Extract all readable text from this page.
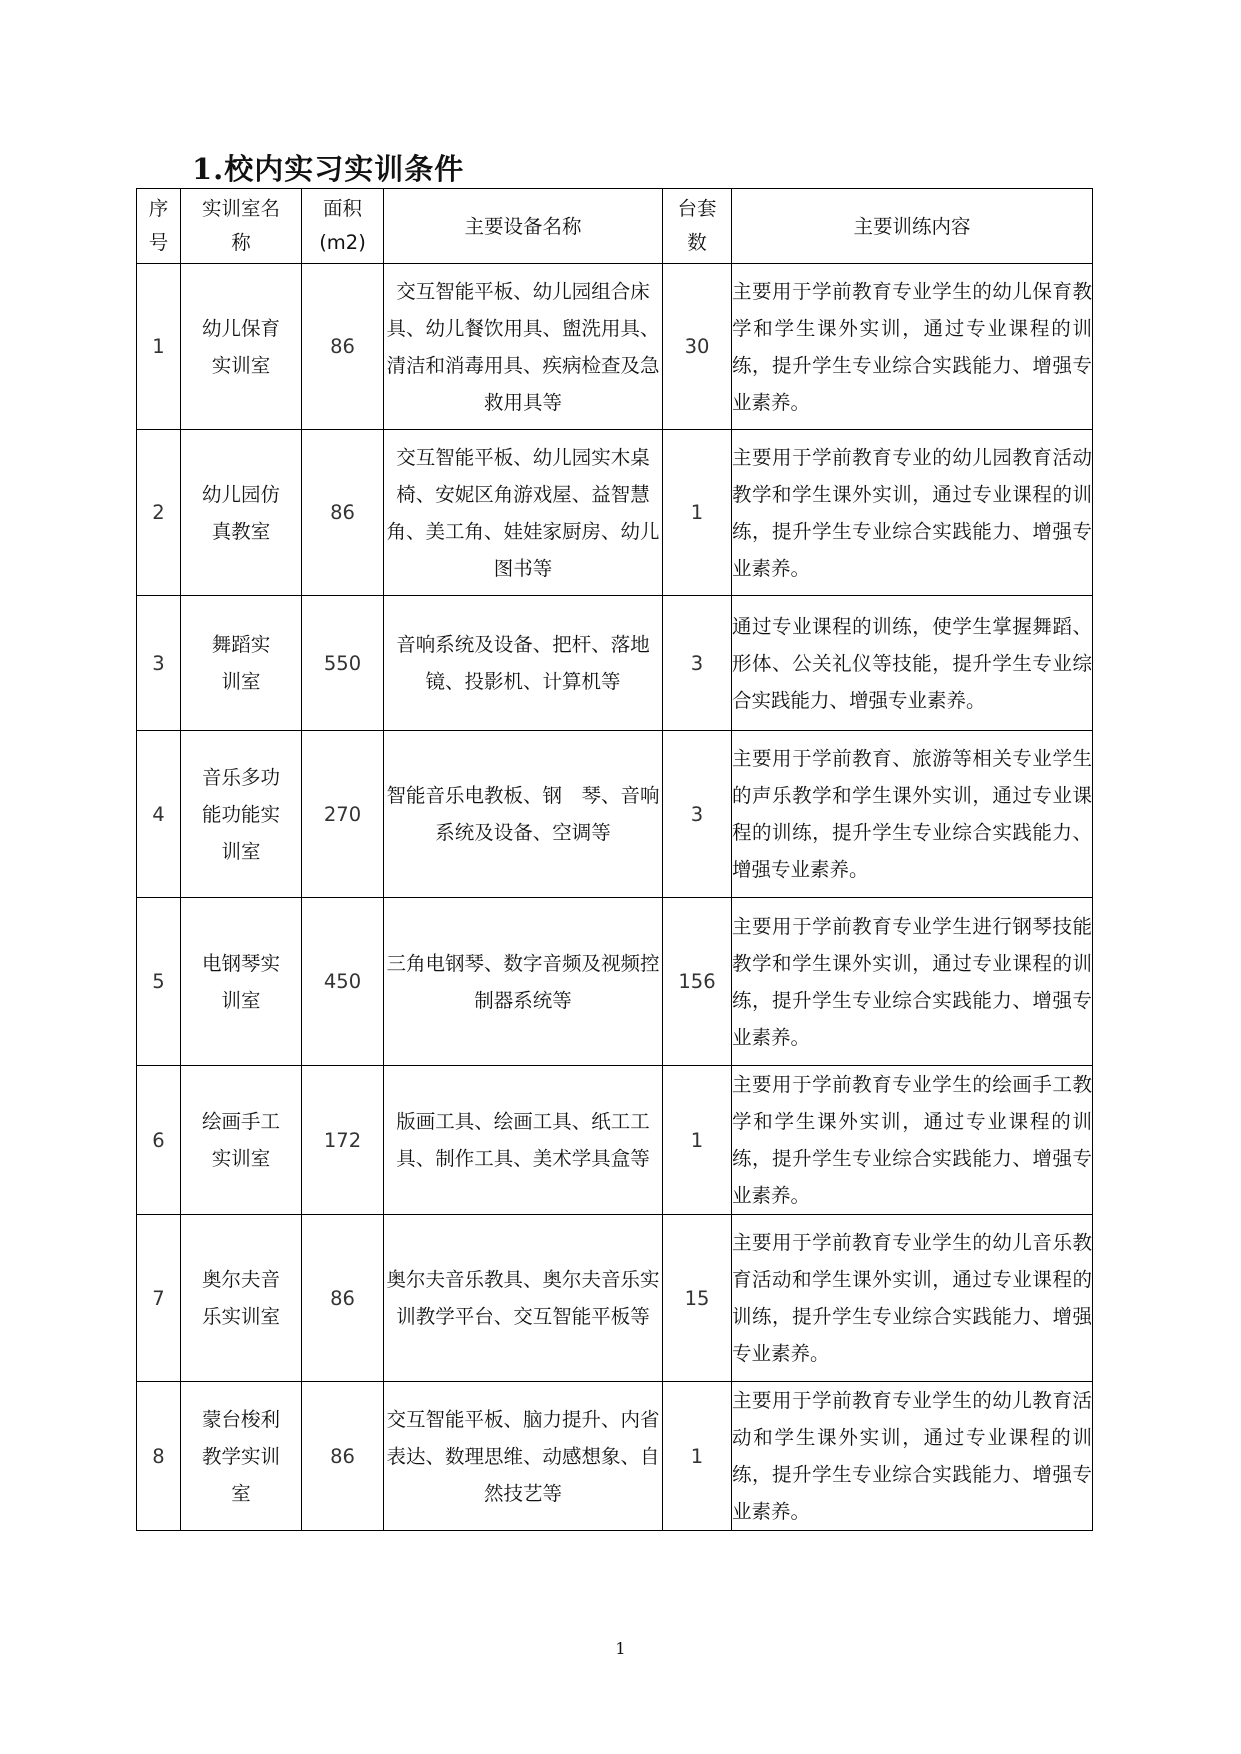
1.校内实习实训条件
序号	实训室名称	面积(m2)	主要设备名称	台套数	主要训练内容
1	幼儿保育实训室	86	交互智能平板、幼儿园组合床具、幼儿餐饮用具、盥洗用具、清洁和消毒用具、疾病检查及急救用具等	30	主要用于学前教育专业学生的幼儿保育教学和学生课外实训，通过专业课程的训练，提升学生专业综合实践能力、增强专业素养。
2	幼儿园仿真教室	86	交互智能平板、幼儿园实木桌椅、安妮区角游戏屋、益智慧角、美工角、娃娃家厨房、幼儿图书等	1	主要用于学前教育专业的幼儿园教育活动教学和学生课外实训，通过专业课程的训练，提升学生专业综合实践能力、增强专业素养。
3	舞蹈实训室	550	音响系统及设备、把杆、落地镜、投影机、计算机等	3	通过专业课程的训练，使学生掌握舞蹈、形体、公关礼仪等技能，提升学生专业综合实践能力、增强专业素养。
4	音乐多功能功能实训室	270	智能音乐电教板、钢　琴、音响系统及设备、空调等	3	主要用于学前教育、旅游等相关专业学生的声乐教学和学生课外实训，通过专业课程的训练，提升学生专业综合实践能力、增强专业素养。
5	电钢琴实训室	450	三角电钢琴、数字音频及视频控制器系统等	156	主要用于学前教育专业学生进行钢琴技能教学和学生课外实训，通过专业课程的训练，提升学生专业综合实践能力、增强专业素养。
6	绘画手工实训室	172	版画工具、绘画工具、纸工工具、制作工具、美术学具盒等	1	主要用于学前教育专业学生的绘画手工教学和学生课外实训，通过专业课程的训练，提升学生专业综合实践能力、增强专业素养。
7	奥尔夫音乐实训室	86	奥尔夫音乐教具、奥尔夫音乐实训教学平台、交互智能平板等	15	主要用于学前教育专业学生的幼儿音乐教育活动和学生课外实训，通过专业课程的训练，提升学生专业综合实践能力、增强专业素养。
8	蒙台梭利教学实训室	86	交互智能平板、脑力提升、内省表达、数理思维、动感想象、自然技艺等	1	主要用于学前教育专业学生的幼儿教育活动和学生课外实训，通过专业课程的训练，提升学生专业综合实践能力、增强专业素养。
1
